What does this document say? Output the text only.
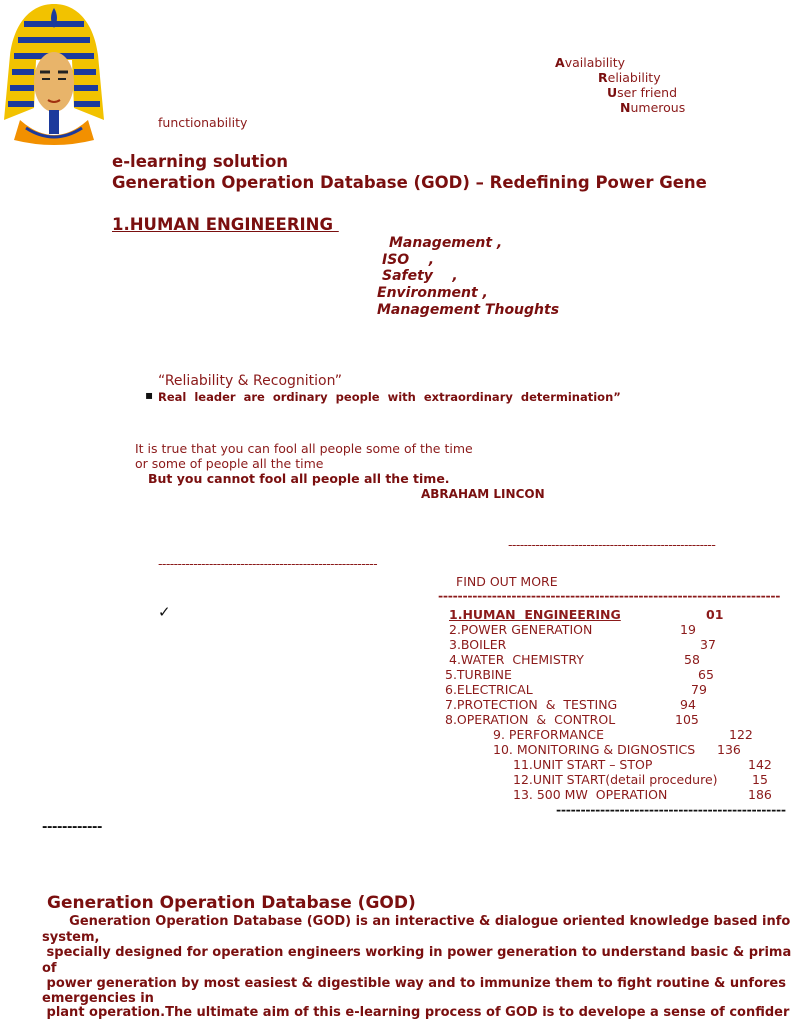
Availability
Reliability
User friend
Numerous
functionability
e-learning solution
Generation Operation Database (GOD) – Redefining Power Gene
1.HUMAN ENGINEERING
Management ,
ISO    ,
Safety    ,
Environment ,
Management Thoughts
“Reliability & Recognition”
▪ Real  leader  are  ordinary  people  with  extraordinary  determination”
It is true that you can fool all people some of the time
or some of people all the time
But you cannot fool all people all the time.
ABRAHAM LINCON
-----------------------------------------------------
--------------------------------------------------------
FIND OUT MORE
----------------------------------------------------------------------
✓	1.HUMAN  ENGINEERING	01
2.POWER GENERATION	19
3.BOILER	37
4.WATER  CHEMISTRY	58
5.TURBINE	65
6.ELECTRICAL	79
7.PROTECTION  &  TESTING	94
8.OPERATION  &  CONTROL	105
9. PERFORMANCE	122
10. MONITORING & DIGNOSTICS 136
11.UNIT START – STOP	142
12.UNIT START(detail procedure)	15
13. 500 MW  OPERATION	186
-----------------------------------------------
------------
Generation Operation Database (GOD)
Generation Operation Database (GOD) is an interactive & dialogue oriented knowledge based info
system,
specially designed for operation engineers working in power generation to understand basic & prima
of
power generation by most easiest & digestible way and to immunize them to fight routine & unfores
emergencies in
plant operation.The ultimate aim of this e-learning process of GOD is to develope a sense of confider
